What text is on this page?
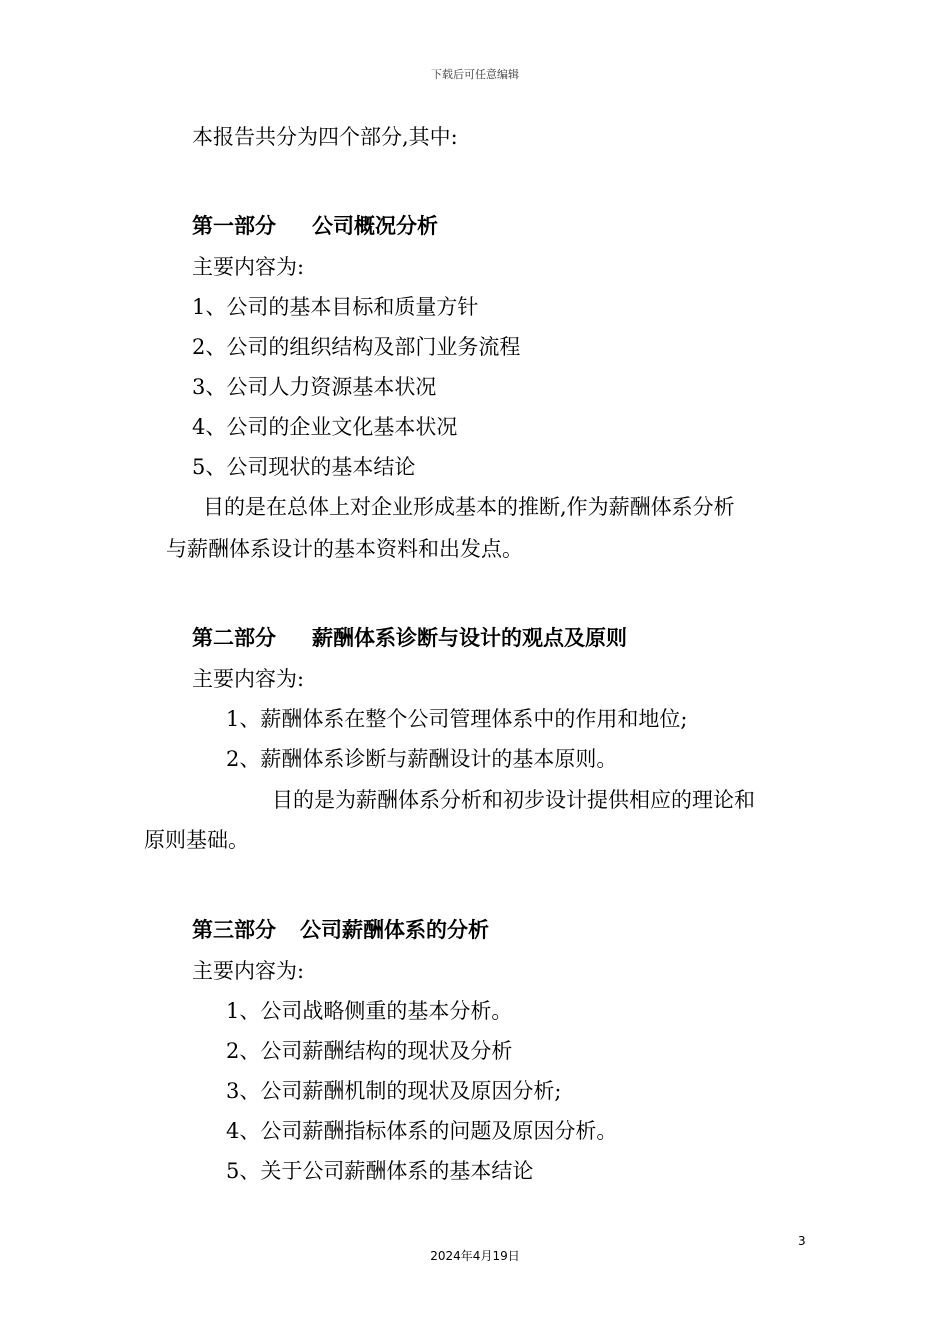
下载后可任意编辑
本报告共分为四个部分,其中:
第一部分 公司概况分析
主要内容为:
1、公司的基本目标和质量方针
2、公司的组织结构及部门业务流程
3、公司人力资源基本状况
4、公司的企业文化基本状况
5、公司现状的基本结论
目的是在总体上对企业形成基本的推断,作为薪酬体系分析
与薪酬体系设计的基本资料和出发点。
第二部分 薪酬体系诊断与设计的观点及原则
主要内容为:
1、薪酬体系在整个公司管理体系中的作用和地位;
2、薪酬体系诊断与薪酬设计的基本原则。
目的是为薪酬体系分析和初步设计提供相应的理论和
原则基础。
第三部分 公司薪酬体系的分析
主要内容为:
1、公司战略侧重的基本分析。
2、公司薪酬结构的现状及分析
3、公司薪酬机制的现状及原因分析;
4、公司薪酬指标体系的问题及原因分析。
5、关于公司薪酬体系的基本结论
3
2024年4月19日
